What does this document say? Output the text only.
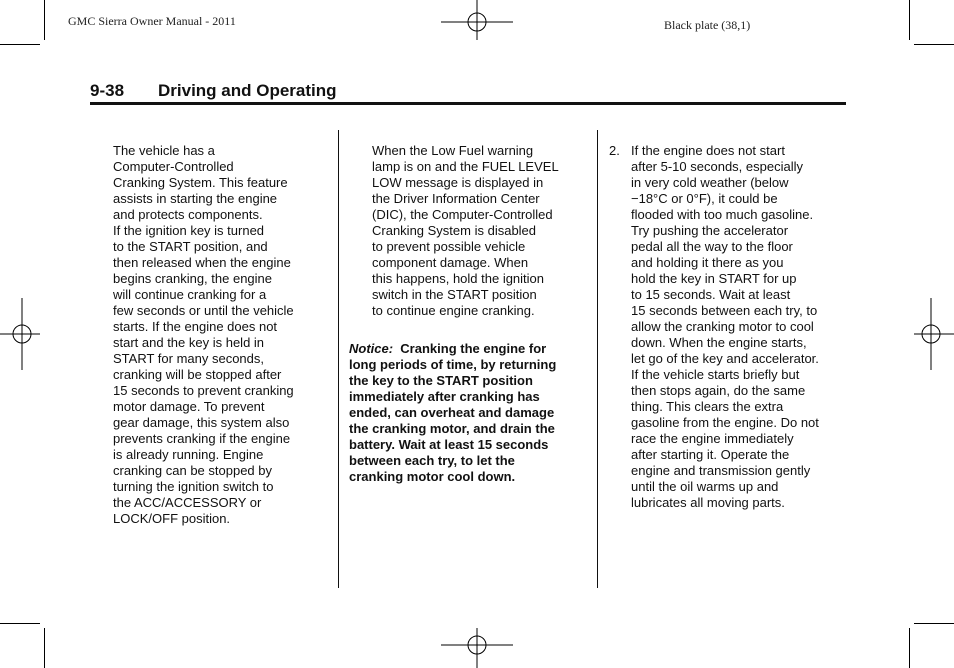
GMC Sierra Owner Manual - 2011	Black plate (38,1)
9-38 Driving and Operating

The vehicle has a
Computer-Controlled
Cranking System. This feature
assists in starting the engine
and protects components.
If the ignition key is turned
to the START position, and
then released when the engine
begins cranking, the engine
will continue cranking for a
few seconds or until the vehicle
starts. If the engine does not
start and the key is held in
START for many seconds,
cranking will be stopped after
15 seconds to prevent cranking
motor damage. To prevent
gear damage, this system also
prevents cranking if the engine
is already running. Engine
cranking can be stopped by
turning the ignition switch to
the ACC/ACCESSORY or
LOCK/OFF position.

When the Low Fuel warning
lamp is on and the FUEL LEVEL
LOW message is displayed in
the Driver Information Center
(DIC), the Computer-Controlled
Cranking System is disabled
to prevent possible vehicle
component damage. When
this happens, hold the ignition
switch in the START position
to continue engine cranking.

Notice: Cranking the engine for
long periods of time, by returning
the key to the START position
immediately after cranking has
ended, can overheat and damage
the cranking motor, and drain the
battery. Wait at least 15 seconds
between each try, to let the
cranking motor cool down.

2. If the engine does not start
after 5-10 seconds, especially
in very cold weather (below
−18°C or 0°F), it could be
flooded with too much gasoline.
Try pushing the accelerator
pedal all the way to the floor
and holding it there as you
hold the key in START for up
to 15 seconds. Wait at least
15 seconds between each try, to
allow the cranking motor to cool
down. When the engine starts,
let go of the key and accelerator.
If the vehicle starts briefly but
then stops again, do the same
thing. This clears the extra
gasoline from the engine. Do not
race the engine immediately
after starting it. Operate the
engine and transmission gently
until the oil warms up and
lubricates all moving parts.
